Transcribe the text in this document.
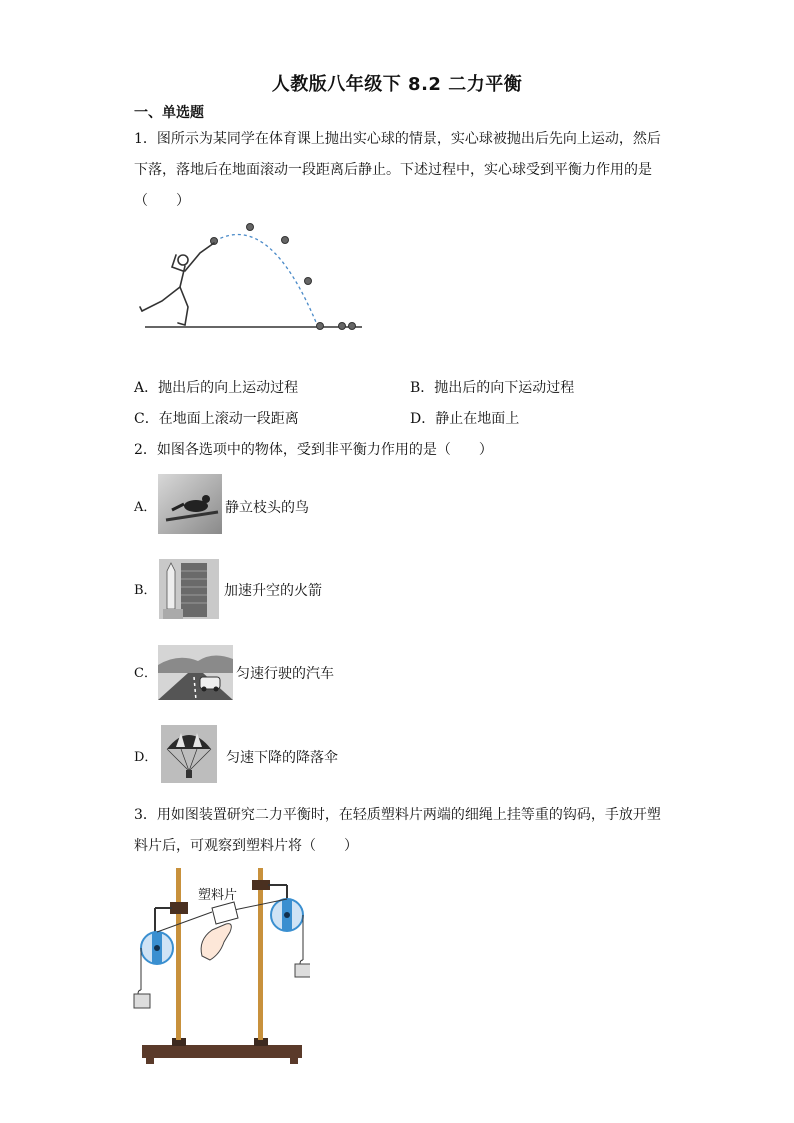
人教版八年级下 8.2 二力平衡
一、单选题
1．图所示为某同学在体育课上抛出实心球的情景，实心球被抛出后先向上运动，然后
下落，落地后在地面滚动一段距离后静止。下述过程中，实心球受到平衡力作用的是
（　　）
A．抛出后的向上运动过程	B．抛出后的向下运动过程
C．在地面上滚动一段距离	D．静止在地面上
2．如图各选项中的物体，受到非平衡力作用的是（　　）
A．	静立枝头的鸟
B．	加速升空的火箭
C．	匀速行驶的汽车
D．	匀速下降的降落伞
3．用如图装置研究二力平衡时，在轻质塑料片两端的细绳上挂等重的钩码，手放开塑
料片后，可观察到塑料片将（　　）
塑料片
